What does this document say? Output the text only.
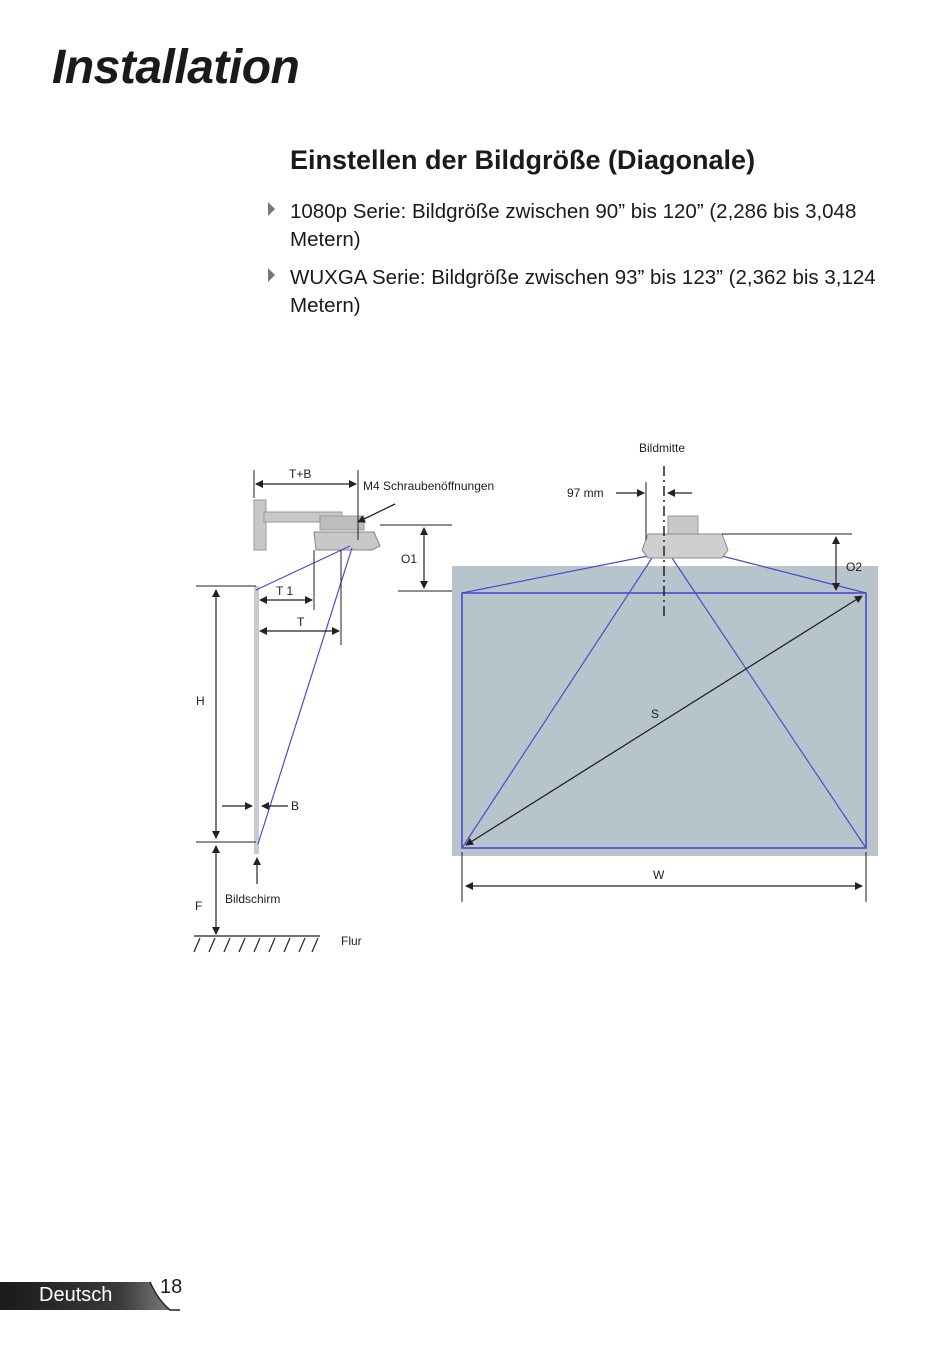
Installation
Einstellen der Bildgröße (Diagonale)
1080p Serie: Bildgröße zwischen 90” bis 120” (2,286 bis 3,048 Metern)
WUXGA Serie: Bildgröße zwischen 93” bis 123” (2,362 bis 3,124 Metern)
T+B
M4 Schraubenöffnungen
T 1
T
O1
H
B
F Bildschirm
Flur
Bildmitte
97 mm
O2
S
W
Deutsch 18
